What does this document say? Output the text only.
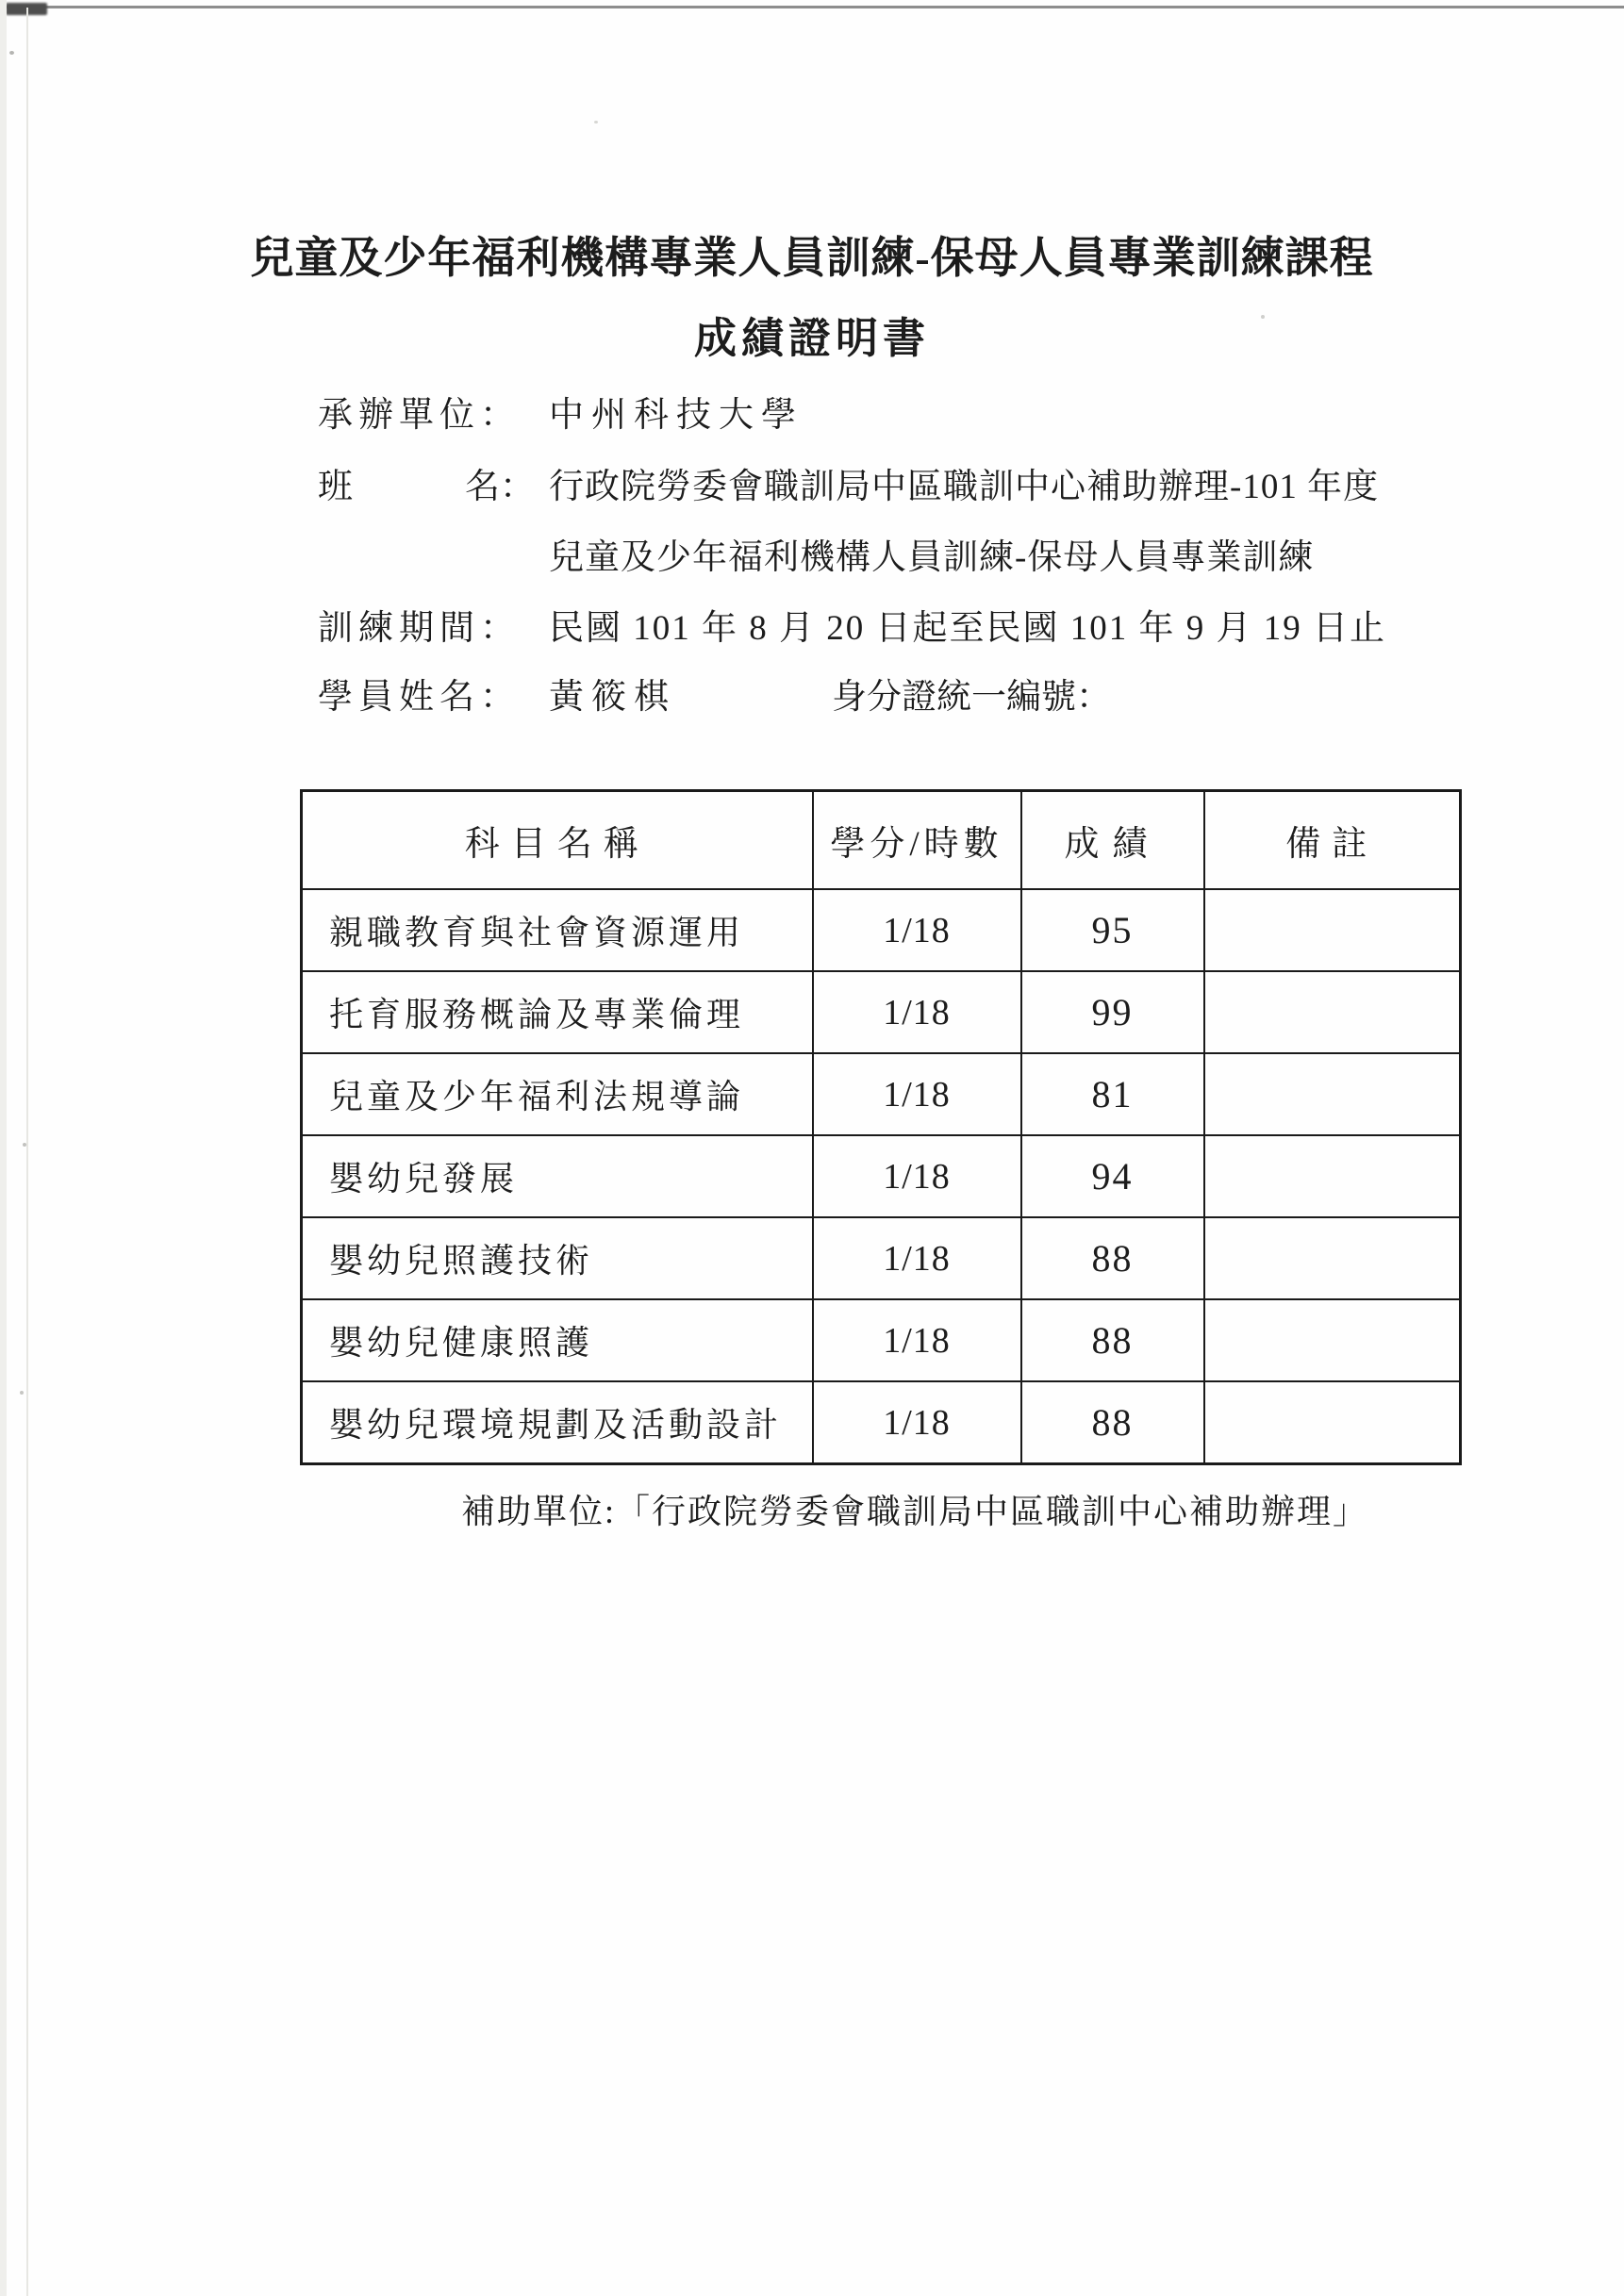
兒童及少年福利機構專業人員訓練-保母人員專業訓練課程
成績證明書
承辦單位： 中州科技大學
班	名： 行政院勞委會職訓局中區職訓中心補助辦理-101 年度
兒童及少年福利機構人員訓練-保母人員專業訓練
訓練期間： 民國 101 年 8 月 20 日起至民國 101 年 9 月 19 日止
學員姓名： 黃筱棋	身分證統一編號：
科目名稱	學分/時數	成績	備註
親職教育與社會資源運用	1/18	95	
托育服務概論及專業倫理	1/18	99	
兒童及少年福利法規導論	1/18	81	
嬰幼兒發展	1/18	94	
嬰幼兒照護技術	1/18	88	
嬰幼兒健康照護	1/18	88	
嬰幼兒環境規劃及活動設計	1/18	88	
補助單位:「行政院勞委會職訓局中區職訓中心補助辦理」
